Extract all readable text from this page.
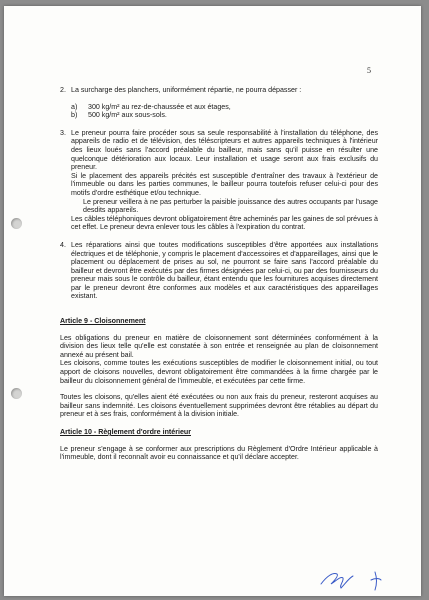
5
2. La surcharge des planchers, uniformément répartie, ne pourra dépasser :

a)	300 kg/m² au rez-de-chaussée et aux étages,
b)	500 kg/m² aux sous-sols.
3. Le preneur pourra faire procéder sous sa seule responsabilité à l'installation du téléphone, des appareils de radio et de télévision, des téléscripteurs et autres appareils techniques à l'intérieur des lieux loués sans l'accord préalable du bailleur, mais sans qu'il puisse en résulter une quelconque détérioration aux locaux. Leur installation et usage seront aux frais exclusifs du preneur.

Si le placement des appareils précités est susceptible d'entraîner des travaux à l'extérieur de l'immeuble ou dans les parties communes, le bailleur pourra toutefois refuser celui-ci pour des motifs d'ordre esthétique et/ou technique.

Le preneur veillera à ne pas perturber la paisible jouissance des autres occupants par l'usage desdits appareils.

Les câbles téléphoniques devront obligatoirement être acheminés par les gaines de sol prévues à cet effet. Le preneur devra enlever tous les câbles à l'expiration du contrat.

4. Les réparations ainsi que toutes modifications susceptibles d'être apportées aux installations électriques et de téléphonie, y compris le placement d'accessoires et d'appareillages, ainsi que le placement ou déplacement de prises au sol, ne pourront se faire sans l'accord préalable du bailleur et devront être exécutés par des firmes désignées par celui-ci, ou par des fournisseurs du preneur mais sous le contrôle du bailleur, étant entendu que les fournitures acquises directement par le preneur devront être conformes aux modèles et aux caractéristiques des appareillages existant.

Article 9 - Cloisonnement

Les obligations du preneur en matière de cloisonnement sont déterminées conformément à la division des lieux telle qu'elle est constatée à son entrée et renseignée au plan de cloisonnement annexé au présent bail.

Les cloisons, comme toutes les exécutions susceptibles de modifier le cloisonnement initial, ou tout apport de cloisons nouvelles, devront obligatoirement être commandées à la firme chargée par le bailleur du cloisonnement général de l'immeuble, et exécutées par cette firme.

Toutes les cloisons, qu'elles aient été exécutées ou non aux frais du preneur, resteront acquises au bailleur sans indemnité. Les cloisons éventuellement supprimées devront être rétablies au départ du preneur et à ses frais, conformément à la division initiale.

Article 10 - Règlement d'ordre intérieur

Le preneur s'engage à se conformer aux prescriptions du Règlement d'Ordre Intérieur applicable à l'immeuble, dont il reconnaît avoir eu connaissance et qu'il déclare accepter.
